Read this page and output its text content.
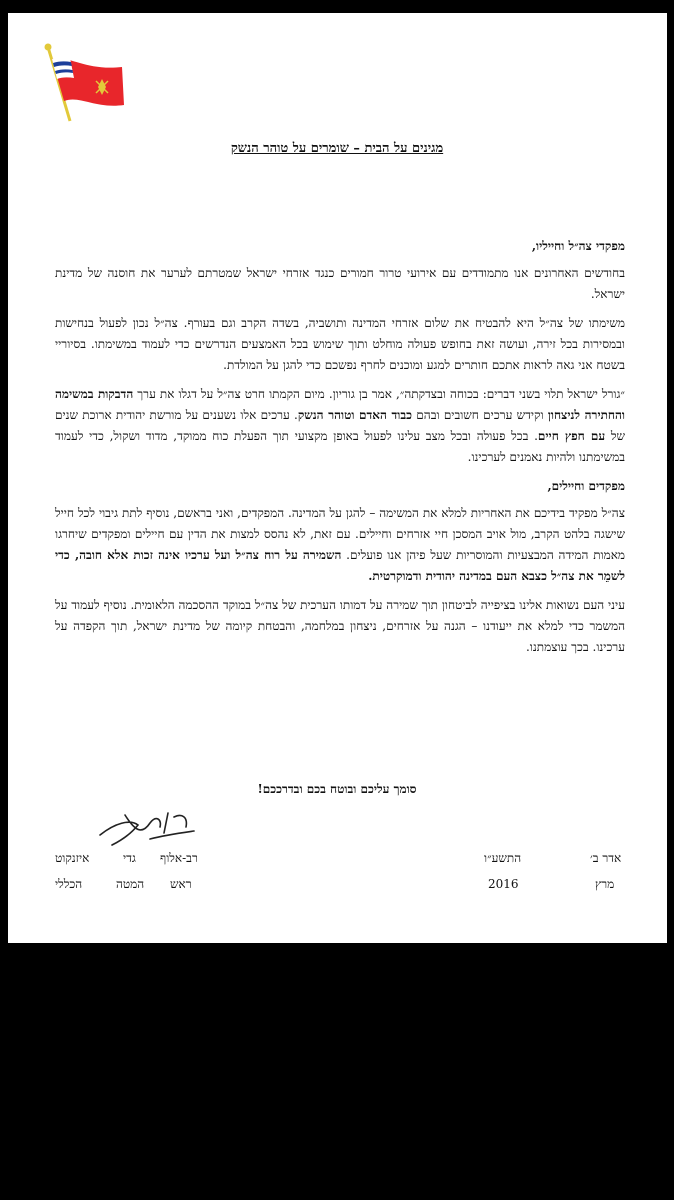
מגינים על הבית – שומרים על טוהר הנשק

מפקדי צה״ל וחייליו,

בחודשים האחרונים אנו מתמודדים עם אירועי טרור חמורים כנגד אזרחי ישראל שמטרתם לערער את חוסנה של מדינת ישראל.

משימתו של צה״ל היא להבטיח את שלום אזרחי המדינה ותושביה, בשדה הקרב וגם בעורף. צה״ל נכון לפעול בנחישות ובמסירות בכל זירה, ועושה זאת בחופש פעולה מוחלט ותוך שימוש בכל האמצעים הנדרשים כדי לעמוד במשימתו. בסיוריי בשטח אני גאה לראות אתכם חותרים למגע ומוכנים לחרף נפשכם כדי להגן על המולדת.

״גורל ישראל תלוי בשני דברים: בכוחה ובצדקתה״, אמר בן גוריון. מיום הקמתו חרט צה״ל על דגלו את ערך הדבקות במשימה והחתירה לניצחון וקידש ערכים חשובים ובהם כבוד האדם וטוהר הנשק. ערכים אלו נשענים על מורשת יהודית ארוכת שנים של עם חפץ חיים. בכל פעולה ובכל מצב עלינו לפעול באופן מקצועי תוך הפעלת כוח ממוקד, מדוד ושקול, כדי לעמוד במשימתנו ולהיות נאמנים לערכינו.

מפקדים וחיילים,

צה״ל מפקיד בידיכם את האחריות למלא את המשימה – להגן על המדינה. המפקדים, ואני בראשם, נוסיף לתת גיבוי לכל חייל שישגה בלהט הקרב, מול אויב המסכן חיי אזרחים וחיילים. עם זאת, לא נהסס למצות את הדין עם חיילים ומפקדים שיחרגו מאמות המידה המבצעיות והמוסריות שעל פיהן אנו פועלים. השמירה על רוח צה״ל ועל ערכיו אינה זכות אלא חובה, כדי לשמֵר את צה״ל כצבא העם במדינה יהודית ודמוקרטית.

עיני העם נשואות אלינו בציפייה לביטחון תוך שמירה על דמותו הערכית של צה״ל במוקד ההסכמה הלאומית. נוסיף לעמוד על המשמר כדי למלא את ייעודנו – הגנה על אזרחים, ניצחון במלחמה, והבטחת קיומה של מדינת ישראל, תוך הקפדה על ערכינו. בכך עוצמתנו.

סומך עליכם ובוטח בכם ובדרככם!
אדר ב׳
התשע״ו
מרץ
2016
רב-אלוף
גדי
איזנקוט
ראש
המטה
הכללי
